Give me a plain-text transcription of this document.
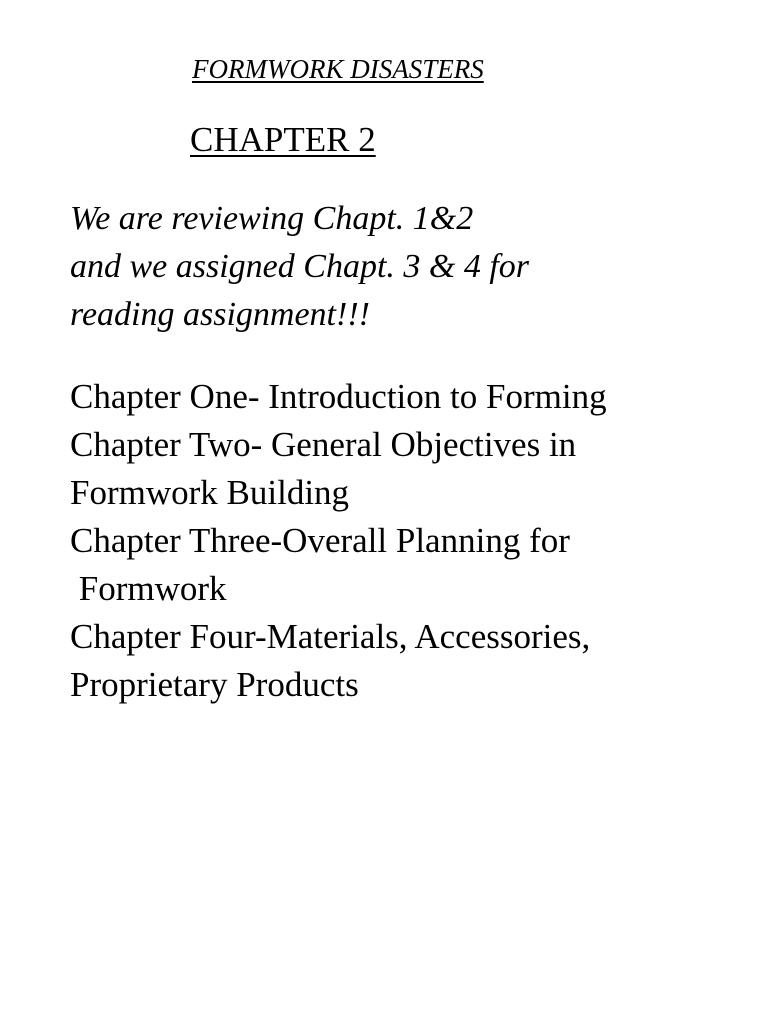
FORMWORK DISASTERS
CHAPTER 2
We are reviewing Chapt. 1&2
and we assigned Chapt. 3 & 4 for
reading assignment!!!
Chapter One- Introduction to Forming
Chapter Two- General Objectives in
Formwork Building
Chapter Three-Overall Planning for
Formwork
Chapter Four-Materials, Accessories,
Proprietary Products
